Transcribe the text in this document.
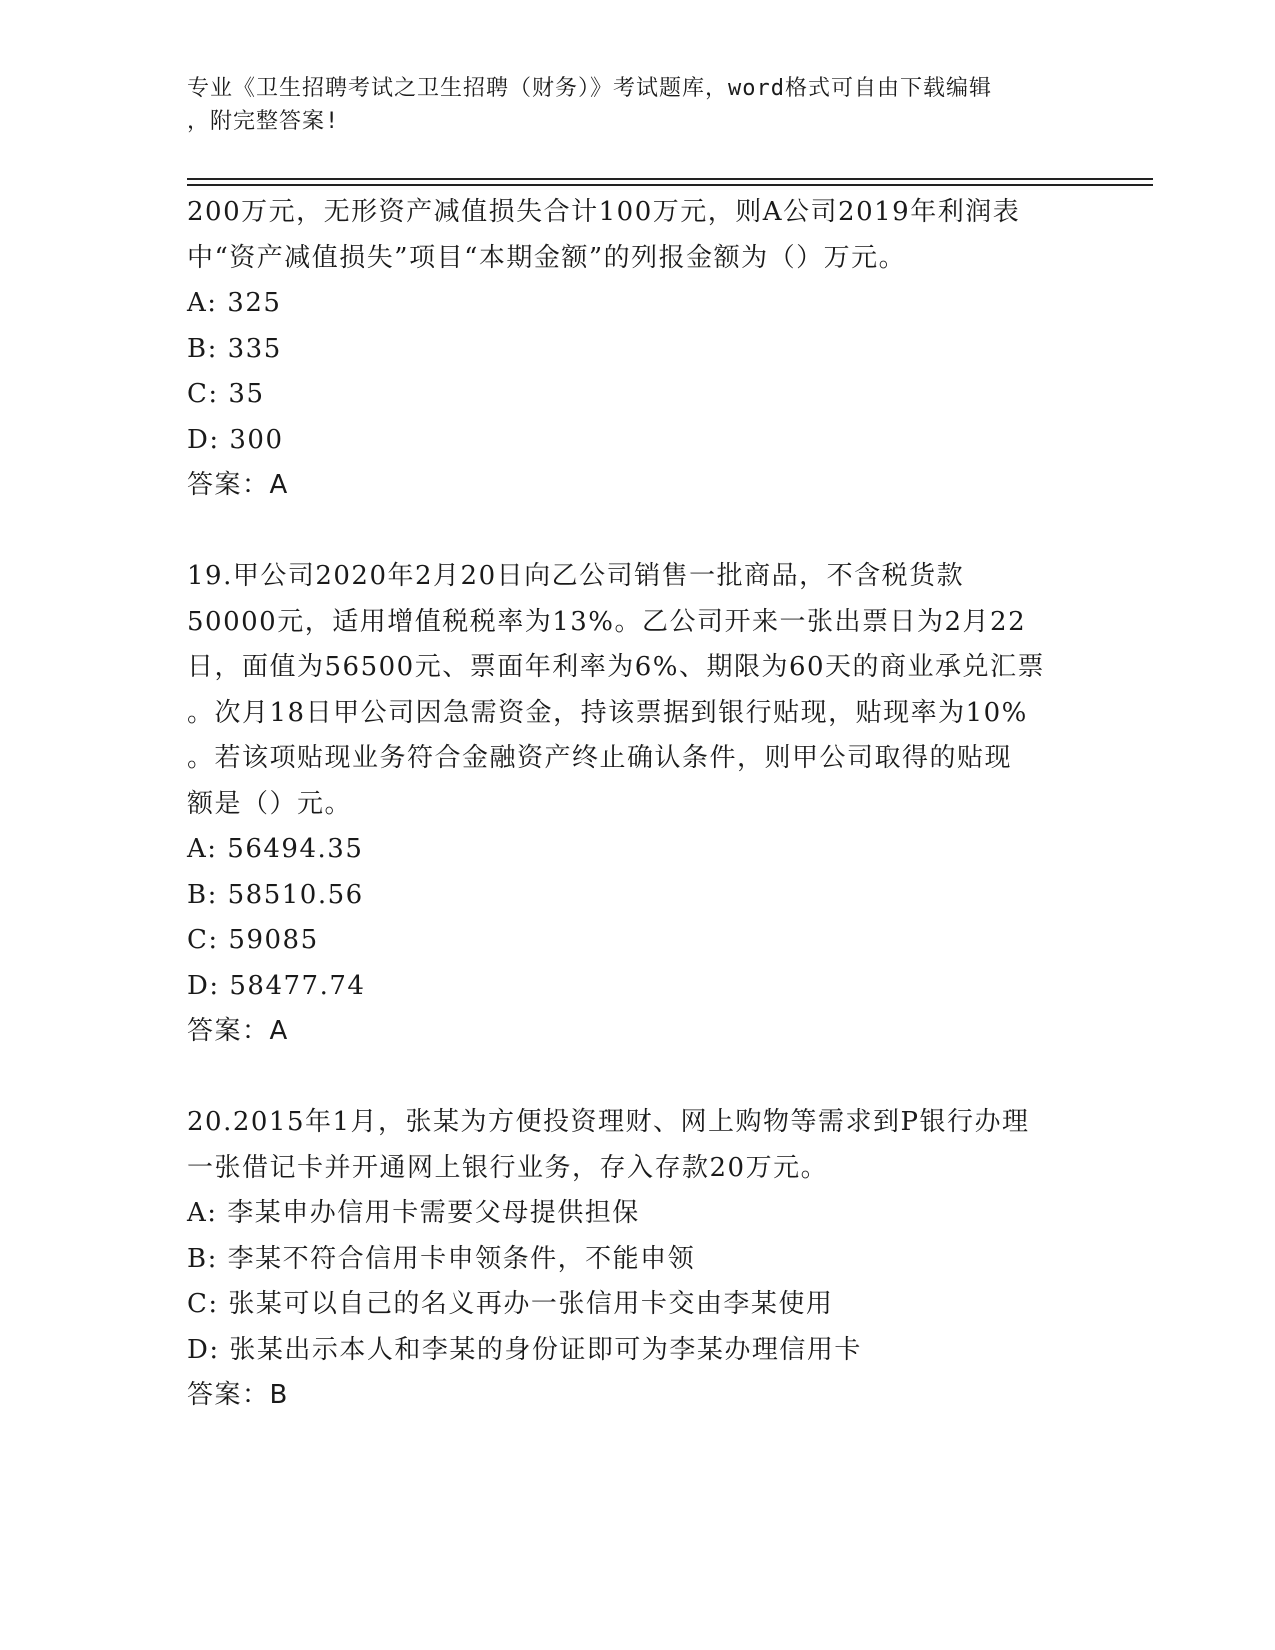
专业《卫生招聘考试之卫生招聘（财务）》考试题库，word格式可自由下载编辑
，附完整答案!
200万元，无形资产减值损失合计100万元，则A公司2019年利润表
中“资产减值损失”项目“本期金额”的列报金额为（）万元。
A: 325
B: 335
C: 35
D: 300
答案：A
19.甲公司2020年2月20日向乙公司销售一批商品，不含税货款
50000元，适用增值税税率为13%。乙公司开来一张出票日为2月22
日，面值为56500元、票面年利率为6%、期限为60天的商业承兑汇票
。次月18日甲公司因急需资金，持该票据到银行贴现，贴现率为10%
。若该项贴现业务符合金融资产终止确认条件，则甲公司取得的贴现
额是（）元。
A: 56494.35
B: 58510.56
C: 59085
D: 58477.74
答案：A
20.2015年1月，张某为方便投资理财、网上购物等需求到P银行办理
一张借记卡并开通网上银行业务，存入存款20万元。
A: 李某申办信用卡需要父母提供担保
B: 李某不符合信用卡申领条件，不能申领
C: 张某可以自己的名义再办一张信用卡交由李某使用
D: 张某出示本人和李某的身份证即可为李某办理信用卡
答案：B
